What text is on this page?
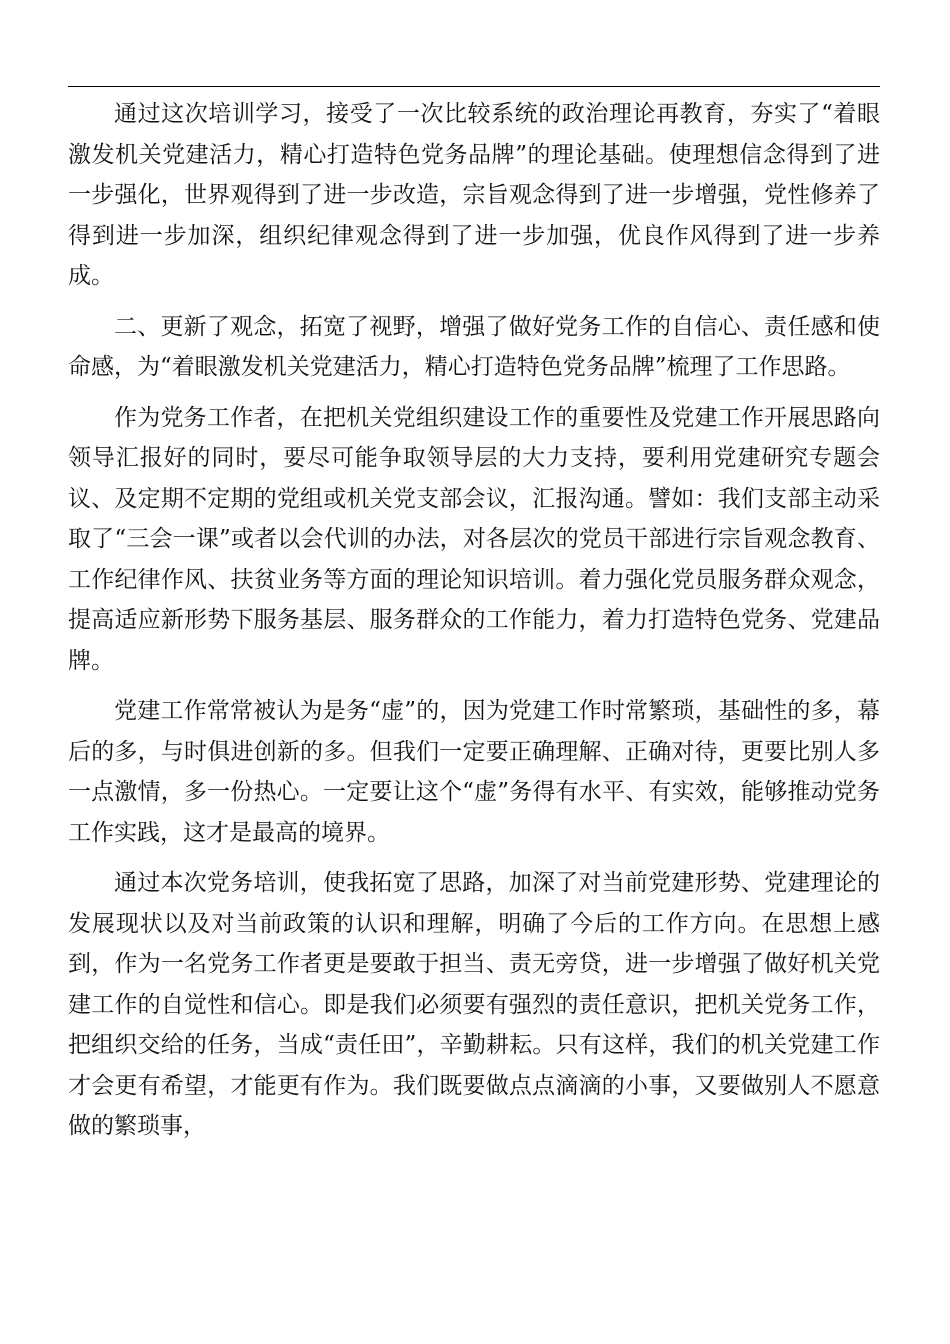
通过这次培训学习，接受了一次比较系统的政治理论再教育，夯实了“着眼激发机关党建活力，精心打造特色党务品牌”的理论基础。使理想信念得到了进一步强化，世界观得到了进一步改造，宗旨观念得到了进一步增强，党性修养了得到进一步加深，组织纪律观念得到了进一步加强，优良作风得到了进一步养成。

二、更新了观念，拓宽了视野，增强了做好党务工作的自信心、责任感和使命感，为“着眼激发机关党建活力，精心打造特色党务品牌”梳理了工作思路。

作为党务工作者，在把机关党组织建设工作的重要性及党建工作开展思路向领导汇报好的同时，要尽可能争取领导层的大力支持，要利用党建研究专题会议、及定期不定期的党组或机关党支部会议，汇报沟通。譬如：我们支部主动采取了“三会一课”或者以会代训的办法，对各层次的党员干部进行宗旨观念教育、工作纪律作风、扶贫业务等方面的理论知识培训。着力强化党员服务群众观念，提高适应新形势下服务基层、服务群众的工作能力，着力打造特色党务、党建品牌。

党建工作常常被认为是务“虚”的，因为党建工作时常繁琐，基础性的多，幕后的多，与时俱进创新的多。但我们一定要正确理解、正确对待，更要比别人多一点激情，多一份热心。一定要让这个“虚”务得有水平、有实效，能够推动党务工作实践，这才是最高的境界。

通过本次党务培训，使我拓宽了思路，加深了对当前党建形势、党建理论的发展现状以及对当前政策的认识和理解，明确了今后的工作方向。在思想上感到，作为一名党务工作者更是要敢于担当、责无旁贷，进一步增强了做好机关党建工作的自觉性和信心。即是我们必须要有强烈的责任意识，把机关党务工作，把组织交给的任务，当成“责任田”，辛勤耕耘。只有这样，我们的机关党建工作才会更有希望，才能更有作为。我们既要做点点滴滴的小事，又要做别人不愿意做的繁琐事，
